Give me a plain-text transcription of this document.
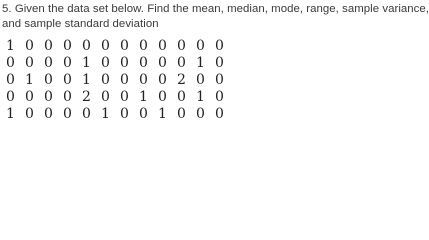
5. Given the data set below. Find the mean, median, mode, range, sample variance,
and sample standard deviation
1	0	0	0	0	0	0	0	0	0	0	0
0	0	0	0	1	0	0	0	0	0	1	0
0	1	0	0	1	0	0	0	0	2	0	0
0	0	0	0	2	0	0	1	0	0	1	0
1	0	0	0	0	1	0	0	1	0	0	0
